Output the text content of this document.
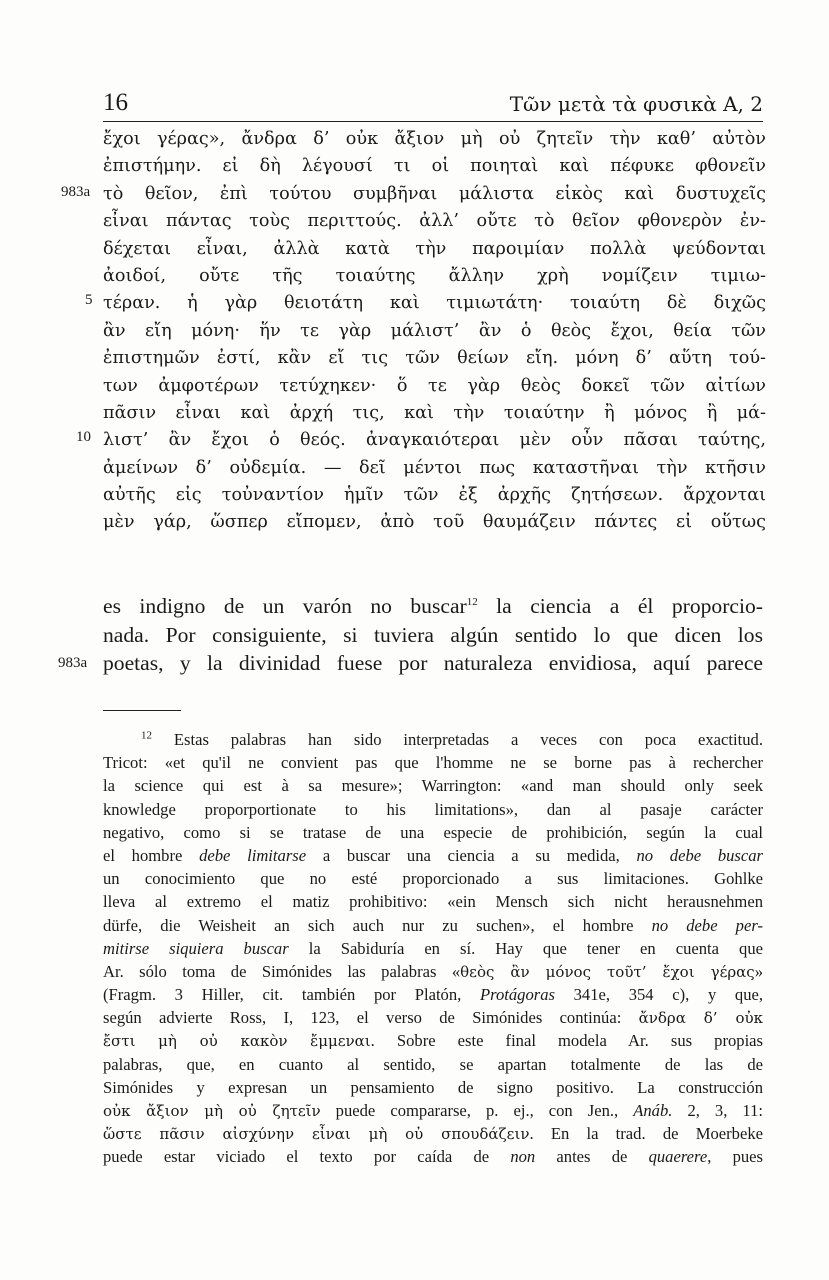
16	Τῶν μετὰ τὰ φυσικὰ Α, 2
ἔχοι γέρας», ἄνδρα δ’ οὐκ ἄξιον μὴ οὐ ζητεῖν τὴν καθ’ αὐτὸν
ἐπιστήμην. εἰ δὴ λέγουσί τι οἱ ποιηταὶ καὶ πέφυκε φθονεῖν
τὸ θεῖον, ἐπὶ τούτου συμβῆναι μάλιστα εἰκὸς καὶ δυστυχεῖς
εἶναι πάντας τοὺς περιττούς. ἀλλ’ οὔτε τὸ θεῖον φθονερὸν ἐν-
δέχεται εἶναι, ἀλλὰ κατὰ τὴν παροιμίαν πολλὰ ψεύδονται
ἀοιδοί, οὔτε τῆς τοιαύτης ἄλλην χρὴ νομίζειν τιμιω-
τέραν. ἡ γὰρ θειοτάτη καὶ τιμιωτάτη· τοιαύτη δὲ διχῶς
ἂν εἴη μόνη· ἥν τε γὰρ μάλιστ’ ἂν ὁ θεὸς ἔχοι, θεία τῶν
ἐπιστημῶν ἐστί, κἂν εἴ τις τῶν θείων εἴη. μόνη δ’ αὕτη τού-
των ἀμφοτέρων τετύχηκεν· ὅ τε γὰρ θεὸς δοκεῖ τῶν αἰτίων
πᾶσιν εἶναι καὶ ἀρχή τις, καὶ τὴν τοιαύτην ἢ μόνος ἢ μά-
λιστ’ ἂν ἔχοι ὁ θεός. ἀναγκαιότεραι μὲν οὖν πᾶσαι ταύτης,
ἀμείνων δ’ οὐδεμία. — δεῖ μέντοι πως καταστῆναι τὴν κτῆσιν
αὐτῆς εἰς τοὐναντίον ἡμῖν τῶν ἐξ ἀρχῆς ζητήσεων. ἄρχονται
μὲν γάρ, ὥσπερ εἴπομεν, ἀπὸ τοῦ θαυμάζειν πάντες εἰ οὕτως
983a
5
10
es indigno de un varón no buscar$^{12}$ la ciencia a él proporcio-
nada. Por consiguiente, si tuviera algún sentido lo que dicen los
poetas, y la divinidad fuese por naturaleza envidiosa, aquí parece
983a
$^{12}$ Estas palabras han sido interpretadas a veces con poca exactitud.
Tricot: «et qu'il ne convient pas que l'homme ne se borne pas à rechercher
la science qui est à sa mesure»; Warrington: «and man should only seek
knowledge proporportionate to his limitations», dan al pasaje carácter
negativo, como si se tratase de una especie de prohibición, según la cual
el hombre debe limitarse a buscar una ciencia a su medida, no debe buscar
un conocimiento que no esté proporcionado a sus limitaciones. Gohlke
lleva al extremo el matiz prohibitivo: «ein Mensch sich nicht herausnehmen
dürfe, die Weisheit an sich auch nur zu suchen», el hombre no debe per-
mitirse siquiera buscar la Sabiduría en sí. Hay que tener en cuenta que
Ar. sólo toma de Simónides las palabras «θεὸς ἂν μόνος τοῦτ’ ἔχοι γέρας»
(Fragm. 3 Hiller, cit. también por Platón, Protágoras 341e, 354 c), y que,
según advierte Ross, I, 123, el verso de Simónides continúa: ἄνδρα δ’ οὐκ
ἔστι μὴ οὐ κακὸν ἔμμεναι. Sobre este final modela Ar. sus propias
palabras, que, en cuanto al sentido, se apartan totalmente de las de
Simónides y expresan un pensamiento de signo positivo. La construcción
οὐκ ἄξιον μὴ οὐ ζητεῖν puede compararse, p. ej., con Jen., Anáb. 2, 3, 11:
ὥστε πᾶσιν αἰσχύνην εἶναι μὴ οὐ σπουδάζειν. En la trad. de Moerbeke
puede estar viciado el texto por caída de non antes de quaerere, pues
